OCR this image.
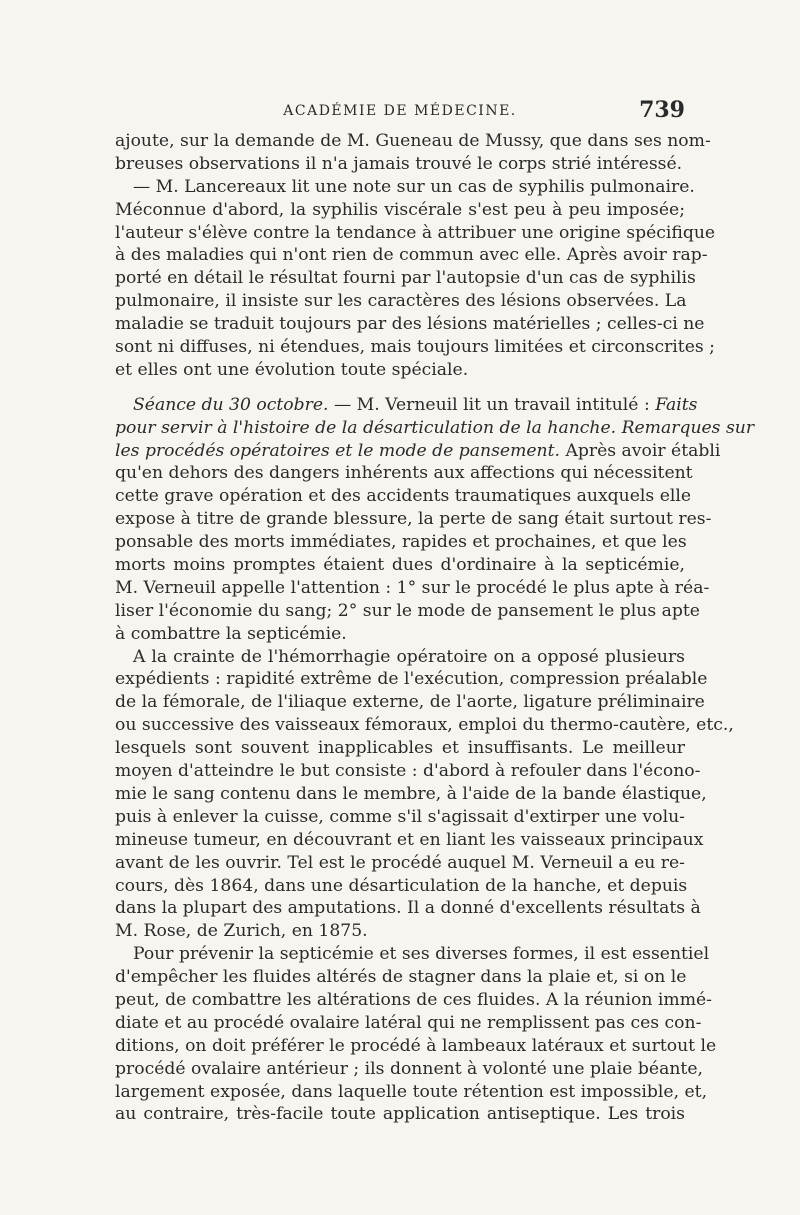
ACADÉMIE DE MÉDECINE.	739
ajoute, sur la demande de M. Gueneau de Mussy, que dans ses nom-
breuses observations il n'a jamais trouvé le corps strié intéressé.
— M. Lancereaux lit une note sur un cas de syphilis pulmonaire.
Méconnue d'abord, la syphilis viscérale s'est peu à peu imposée;
l'auteur s'élève contre la tendance à attribuer une origine spécifique
à des maladies qui n'ont rien de commun avec elle. Après avoir rap-
porté en détail le résultat fourni par l'autopsie d'un cas de syphilis
pulmonaire, il insiste sur les caractères des lésions observées. La
maladie se traduit toujours par des lésions matérielles ; celles-ci ne
sont ni diffuses, ni étendues, mais toujours limitées et circonscrites ;
et elles ont une évolution toute spéciale.
Séance du 30 octobre. — M. Verneuil lit un travail intitulé : Faits
pour servir à l'histoire de la désarticulation de la hanche. Remarques sur
les procédés opératoires et le mode de pansement. Après avoir établi
qu'en dehors des dangers inhérents aux affections qui nécessitent
cette grave opération et des accidents traumatiques auxquels elle
expose à titre de grande blessure, la perte de sang était surtout res-
ponsable des morts immédiates, rapides et prochaines, et que les
morts moins promptes étaient dues d'ordinaire à la septicémie,
M. Verneuil appelle l'attention : 1° sur le procédé le plus apte à réa-
liser l'économie du sang; 2° sur le mode de pansement le plus apte
à combattre la septicémie.
A la crainte de l'hémorrhagie opératoire on a opposé plusieurs
expédients : rapidité extrême de l'exécution, compression préalable
de la fémorale, de l'iliaque externe, de l'aorte, ligature préliminaire
ou successive des vaisseaux fémoraux, emploi du thermo-cautère, etc.,
lesquels sont souvent inapplicables et insuffisants. Le meilleur
moyen d'atteindre le but consiste : d'abord à refouler dans l'écono-
mie le sang contenu dans le membre, à l'aide de la bande élastique,
puis à enlever la cuisse, comme s'il s'agissait d'extirper une volu-
mineuse tumeur, en découvrant et en liant les vaisseaux principaux
avant de les ouvrir. Tel est le procédé auquel M. Verneuil a eu re-
cours, dès 1864, dans une désarticulation de la hanche, et depuis
dans la plupart des amputations. Il a donné d'excellents résultats à
M. Rose, de Zurich, en 1875.
Pour prévenir la septicémie et ses diverses formes, il est essentiel
d'empêcher les fluides altérés de stagner dans la plaie et, si on le
peut, de combattre les altérations de ces fluides. A la réunion immé-
diate et au procédé ovalaire latéral qui ne remplissent pas ces con-
ditions, on doit préférer le procédé à lambeaux latéraux et surtout le
procédé ovalaire antérieur ; ils donnent à volonté une plaie béante,
largement exposée, dans laquelle toute rétention est impossible, et,
au contraire, très-facile toute application antiseptique. Les trois
